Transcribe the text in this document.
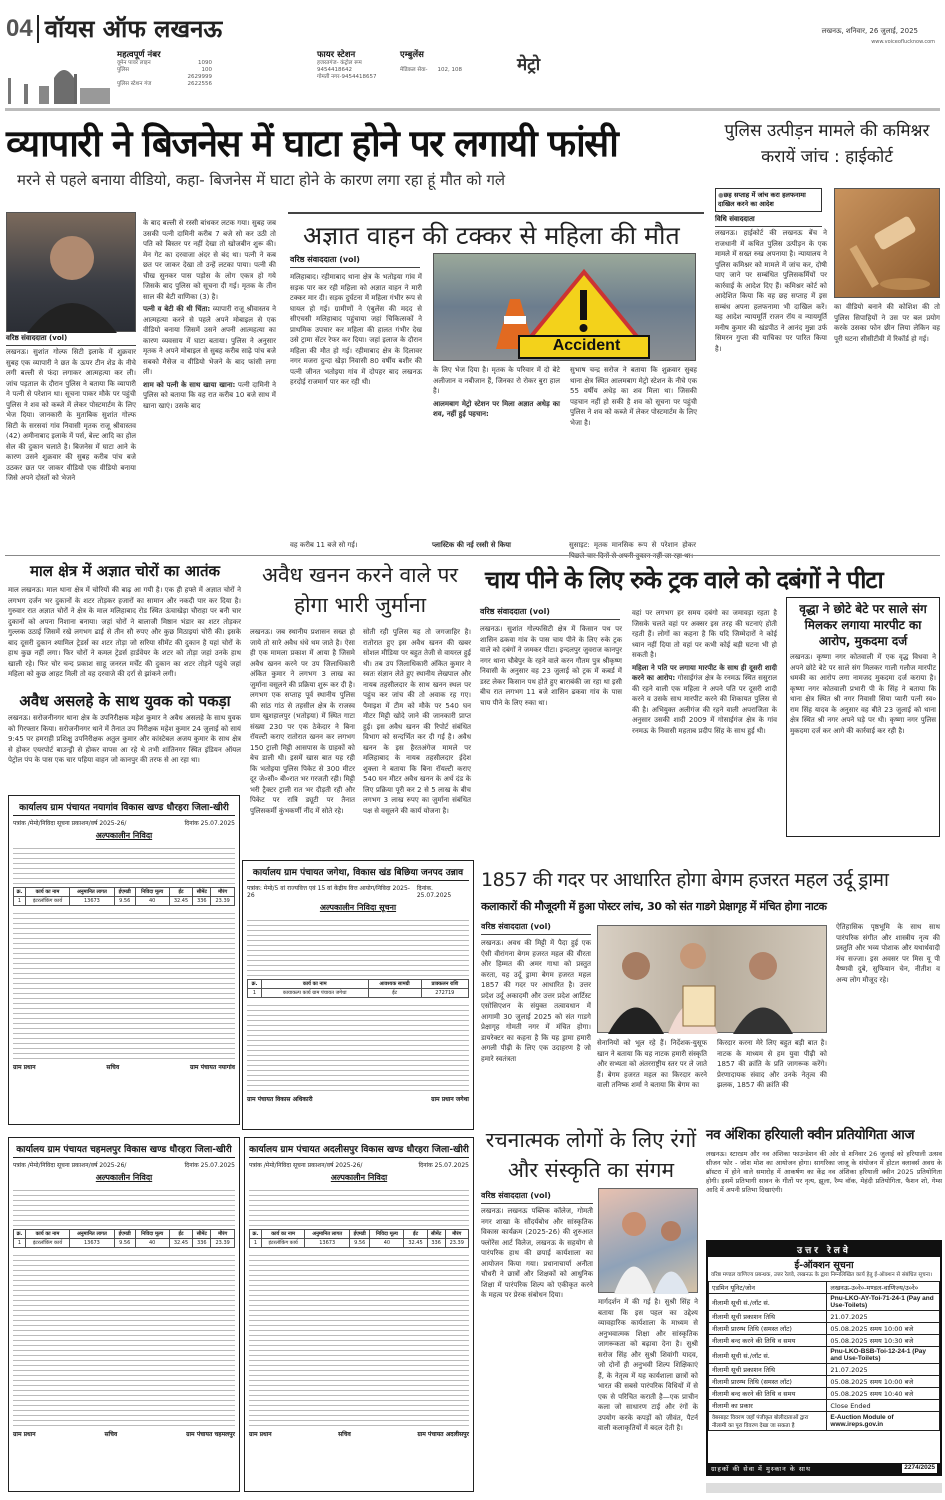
04 वॉयस ऑफ लखनऊ
महत्वपूर्ण नंबर
वूमेन पावर लाइन	1090
पुलिस	100
2629999
पुलिस स्टेशन गंज	2622556
फायर स्टेशन
हजरतगंज- कंट्रोल रूम
9454418642
गोमती नगर-9454418657
एम्बुलेंस
मेडिकल सेवा- 102, 108	मेट्रो
लखनऊ, शनिवार, 26 जुलाई, 2025
www.voiceoflucknow.com
व्यापारी ने बिजनेस में घाटा होने पर लगायी फांसी
मरने से पहले बनाया वीडियो, कहा- बिजनेस में घाटा होने के कारण लगा रहा हूं मौत को गले
वरिष्ठ संवाददाता (vol)

लखनऊ। सुशांत गोल्फ सिटी इलाके में शुक्रवार सुबह एक व्यापारी ने छत के ऊपर टीन शेड के नीचे लगी बल्ली से फंदा लगाकर आत्महत्या कर ली। जांच पड़ताल के दौरान पुलिस ने बताया कि व्यापारी ने पत्नी से परेशान था। सूचना पाकर मौके पर पहुंची पुलिस ने शव को कब्जे में लेकर पोस्टमार्टम के लिए भेज दिया। जानकारी के मुताबिक सुशांत गोल्फ सिटी के सरसवां गांव निवासी मृतक राजू श्रीवास्तव (42) अमीनाबाद इलाके में पर्स, बेल्ट आदि का होल सेल की दुकान चलाते है। बिजनेस में घाटा आने के कारण उसने शुक्रवार की सुबह करीब पांच बजे उठकर छत पर जाकर वीडियो एक वीडियो बनाया जिसे अपने दोस्तों को भेजने

के बाद बल्ली से रस्सी बांधकर लटक गया। सुबह जब उसकी पत्नी दामिनी करीब 7 बजे सो कर उठी तो पति को बिस्तर पर नहीं देखा तो खोजबीन शुरू की। मेन गेट का दरवाजा अंदर से बंद था। पत्नी ने कब छत पर जाकर देखा तो उन्हें लटका पाया। पत्नी की चीख सुनकर पास पड़ोस के लोग एकत्र हो गये जिसके बाद पुलिस को सूचना दी गई। मृतक के तीन साल की बेटी वाणिका (3) है।

पत्नी व बेटी की थी चिंता: व्यापारी राजू श्रीवास्तव ने आत्महत्या करने से पहले अपने मोबाइल से एक वीडियो बनाया जिसमें उसने अपनी आत्महत्या का कारण व्यवसाय में घाटा बताया। पुलिस ने अनुसार मृतक ने अपने मोबाइल से सुबह करीब साढ़े पांच बजे सबको मैसेज व वीडियो भेजने के बाद फांसी लगा ली।

शाम को पत्नी के साथ खाया खाना: पत्नी दामिनी ने पुलिस को बताया कि वह रात करीब 10 बजे साथ में खाना खाएं। उसके बाद

अज्ञात वाहन की टक्कर से महिला की मौत
वरिष्ठ संवाददाता (vol)

मलिहाबाद। रहीमाबाद थाना क्षेत्र के भतोइया गांव में सड़क पार कर रही महिला को अज्ञात वाहन ने मारी टक्कर मार दी। सड़क दुर्घटना में महिला गंभीर रूप से घायल हो गई। ग्रामीणों ने एंबुलेंस की मदद से सीएचसी मलिहाबाद पहुंचाया जहां चिकित्सकों ने प्राथमिक उपचार कर महिला की हालत गंभीर देख उसे ट्रामा सेंटर रेफर कर दिया। जहां इलाज के दौरान महिला की मौत हो गई। रहीमाबाद क्षेत्र के दिलावर नगर मजरा दुन्दा खेड़ा निवासी 80 वर्षीय बशीर की पत्नी जीनत भतोइया गांव में दोपहर बाद लखनऊ हरदोई राजमार्ग पार कर रही थी।

Accident

के लिए भेज दिया है। मृतक के परिवार में दो बेटे अलीजान व नबीजान हैं, जिनका रो रोकर बुरा हाल है।

आलमबाग मेट्रो स्टेशन पर मिला अज्ञात अधेड़ का शव, नहीं हुई पहचान:

सुभाष चन्द्र सरोज ने बताया कि शुक्रवार सुबह थाना क्षेत्र स्थित आलमबाग मेट्रो स्टेशन के नीचे एक 55 वर्षीय अधेड़ का शव मिला था। जिसकी पहचान नहीं हो सकी है शव को सूचना पर पहुंची पुलिस ने शव को कब्जे में लेकर पोस्टमार्टम के लिए भेजा है।

वह करीब 11 बजे सो गई।	प्लास्टिक की नई रस्सी से किया	सुसाइट: मृतक मानसिक रूप से परेशान होकर
पुलिस उत्पीड़न मामले की कमिश्नर करायें जांच : हाईकोर्ट
●छह सप्ताह में जांच करा हलफनामा दाखिल करने का आदेश
विधि संवाददाता

लखनऊ। हाईकोर्ट की लखनऊ बेंच ने राजधानी में कथित पुलिस उत्पीड़न के एक मामले में सख्त रुख अपनाया है। न्यायालय ने पुलिस कमिश्नर को मामले में जांच कर, दोषी पाए जाने पर सम्बंधित पुलिसकर्मियों पर कार्रवाई के आदेश दिए हैं। कमिश्नर कोर्ट को आदेशित किया कि वह छह सप्ताह में इस सम्बंध अपना हलफनामा भी दाखिल करें। यह आदेश न्यायमूर्ति राजन रॉय व न्यायमूर्ति मनीष कुमार की खंडपीठ ने आनंद मुन्ना उर्फ सिमरन गुप्ता की याचिका पर पारित किया है।

का वीडियो बनाने की कोशिश की तो पुलिस सिपाहियों ने उस पर बल प्रयोग करके उसका फोन छीन लिया लेकिन वह पूरी घटना सीसीटीवी में रिकॉर्ड हो गई।

माल क्षेत्र में अज्ञात चोरों का आतंक

माल लखनऊ। माल थाना क्षेत्र में चोरियों की बाढ़ आ गयी है। एक ही हफ्ते में अज्ञात चोरों ने लगभग दर्जन भर दुकानों के शटर तोड़कर हजारों का सामान और नकदी पार कर दिया है। गुरुवार रात अज्ञात चोरों ने क्षेत्र के माल मलिहाबाद रोड स्थित ऊंचाखेड़ा चौराहा पर बनी चार दुकानों को अपना निशाना बनाया। जहां चोरों ने बालाजी मिष्ठान भंडार का शटर तोड़कर गुल्लक उठाई जिसमें रखे लगभग ढाई से तीन सौ रुपए और कुछ मिठाइयां चोरी की। इसके बाद दूसरी दुकान श्यामिल ट्रेडर्स का शटर तोड़ा जो सरिया सीमेंट की दुकान है यहां चोरों के हाथ कुछ नहीं लगा। फिर चोरों ने कमल ट्रेडर्स हार्डवेयर के शटर को तोड़ा जहां उनके हाथ खाली रहे। फिर चोर चन्द प्रकाश साहू जनरल मर्चेंट की दुकान का शटर तोड़ने पहुंचे जहां महिला को कुछ आहट मिली तो वह दरवाजे की दर्रा से झांकने लगी।

अवैध असलहे के साथ युवक को पकड़ा

लखनऊ। सरोजनीनगर थाना क्षेत्र के उपनिरीक्षक महेश कुमार ने अवैध असलहे के साथ युवक को गिरफ्तार किया। सरोजनीनगर थाने में तैनात उप निरीक्षक महेश कुमार 24 जुलाई को सायं 9:45 पर हमराही प्रशिक्षु उपनिरीक्षक अतुल कुमार और कांस्टेबल अजय कुमार के साथ क्षेत्र से होकर एयरपोर्ट बाउन्ड्री से होकर वापस आ रहे थे तभी शांतिनगर स्थित इंडियन ऑयल पेट्रोल पंप के पास एक चार पहिया वाहन जो कानपुर की तरफ से आ रहा था।

अवैध खनन करने वाले पर होगा भारी जुर्माना

लखनऊ। जब स्थानीय प्रशासन सख्त हो जाये तो सारे अवैध धंधे थम जाते है। ऐसा ही एक मामला प्रकाश में आया है जिसमे अवैध खनन करने पर उप जिलाधिकारी अंकित कुमार ने लगभग 3 लाख का जुर्माना वसूलने की प्रक्रिया शुरू कर दी है। लगभग एक सप्ताह पूर्व स्थानीय पुलिस की सांठ गांठ से तहसील क्षेत्र के राजस्व ग्राम खुशहालपुर (भतोइया) में स्थित गाटा संख्या 230 पर एक ठेकेदार ने बिना रॉयल्टी कराए रातोरात खनन कर लगभग 150 ट्राली मिट्टी आसपास के ग्राहकों को बेच डाली थी। इसमें खास बात यह रही कि भतोइया पुलिस पिकेट से 300 मीटर दूर जे०सी० बी०रात भर गरजती रही। मिट्टी भरी ट्रैक्टर ट्राली रात भर दौड़ती रही और पिकेट पर रात्रि ड्यूटी पर तैनात पुलिसकर्मी कुंभकर्णी नींद में सोते रहे।

सोती रही पुलिस यह तो जगजाहिर है। रातोरात हुए इस अवैध खनन की खबर सोशल मीडिया पर बहुत तेजी से वायरल हुई थी। तब उप जिलाधिकारी अंकित कुमार ने स्वतः संज्ञान लेते हुए स्थानीय लेखपाल और नायब तहसीलदार के साथ खनन स्थल पर पहुंच कर जांच की तो अवाक रह गए। पैमाइश में टीम को मौके पर 540 घन मीटर मिट्टी खोदे जाने की जानकारी प्राप्त हुई। इस अवैध खनन की रिपोर्ट संबंधित विभाग को सन्दर्भित कर दी गई है। अवैध खनन के इस हैरतअंगेज मामले पर मलिहाबाद के नायब तहसीलदार ईदेश शुक्ला ने बताया कि बिना रॉयल्टी कराए 540 घन मीटर अवैध खनन के अर्थ दंड के लिए प्रक्रिया पूरी कर 2 से 5 लाख के बीच लगभग 3 लाख रुपए का जुर्माना संबंधित पक्ष से वसूलने की कार्य योजना है।

चाय पीने के लिए रुके ट्रक वाले को दबंगों ने पीटा
वरिष्ठ संवाददाता (vol)

लखनऊ। सुशांत गोल्फसिटी क्षेत्र में किसान पथ पर शासिन ढकवा गांव के पास चाय पीने के लिए रुके ट्रक वाले को दबंगों ने जमकर पीटा। इन्दलपुर जुवराज कानपुर नगर थाना चौबेपुर के रहने वाले करन गौतम पुत्र श्रीकृष्ण निवासी के अनुसार वह 23 जुलाई को ट्रक में कबर्ड में डस्ट लेकर किसान पथ होते हुए बाराबंकी जा रहा था इसी बीच रात लगभग 11 बजे शासिन ढकवा गांव के पास चाय पीने के लिए रुका था।

वहां पर लगभग हर समय दबंगो का जमावड़ा रहता है जिसके चलते वहां पर अक्सर इस तरह की घटनाएं होती रहती हैं। लोगों का कहना है कि यदि जिम्मेदारों ने कोई ध्यान नहीं दिया तो वहां पर कभी कोई बड़ी घटना भी हो सकती है।

महिला ने पति पर लगाया मारपीट के साथ ही दूसरी शादी करने का आरोप: गोसाईगंज क्षेत्र के रनमऊ स्थित ससुराल की रहने वाली एक महिला ने अपने पति पर दूसरी शादी करने व उसके साथ मारपीट करने की शिकायत पुलिस से की है। अभियुक्त अलीगंज की रहने वाली अपराजिता के अनुसार उसकी शादी 2009 में गोसाईगंज क्षेत्र के गांव रनमऊ के निवासी महताब प्रदीप सिंह के साथ हुई थी।

वृद्धा ने छोटे बेटे पर साले संग मिलकर लगाया मारपीट का आरोप, मुकदमा दर्ज

लखनऊ। कृष्णा नगर कोतवाली में एक वृद्ध विधवा ने अपने छोटे बेटे पर साले संग मिलकर गाली गलौज मारपीट धमकी का आरोप लगा नामजद मुकदमा दर्ज कराया है। कृष्णा नगर कोतवाली प्रभारी पी के सिंह ने बताया कि थाना क्षेत्र स्थित श्री नगर निवासी सिया प्यारी पत्नी स्व० राम सिंह यादव के अनुसार वह बीते 23 जुलाई को थाना क्षेत्र स्थित श्री नगर अपने घड़े पर थी। कृष्णा नगर पुलिस मुकदमा दर्ज कर आगे की कार्रवाई कर रही है।

कार्यालय ग्राम पंचायत नयागांव विकास खण्ड धौरहरा जिला-खीरी
पत्रांक /मेमो/निविदा सूचना प्रकाशन/वर्ष 2025-26/	दिनांक 25.07.2025
अल्पकालीन निविदा
क्र.	कार्य का नाम	अनुमानित लागत	ईएमडी	निविदा मूल्य	ईंट	सीमेंट	मौरंग
1	इंटरलॉकिंग कार्य	13673	9.56	40	32.45	336	23.39
ग्राम प्रधान	सचिव	ग्राम पंचायत नयागांव
कार्यालय ग्राम पंचायत जगेथा, विकास खंड बिछिया जनपद उन्नाव
पत्रांक: मेमो/5 वां राज्यवित्त एवं 15 वां केंद्रीय वित्त आयोग/निविदा 2025-26
दिनांक. 25.07.2025
अल्पकालीन निविदा सूचना
क्र.	कार्य का नाम	आवश्यक सामग्री	प्राक्कलन राशि
1	कायाकल्प कार्य ग्राम पंचायत जगेथा	ईंट	272719
ग्राम पंचायत विकास अधिकारी	ग्राम प्रधान जगेथा
कार्यालय ग्राम पंचायत चहमलपुर विकास खण्ड धौरहरा जिला-खीरी
पत्रांक /मेमो/निविदा सूचना प्रकाशन/वर्ष 2025-26/	दिनांक 25.07.2025
अल्पकालीन निविदा
क्र.	कार्य का नाम	अनुमानित लागत	ईएमडी	निविदा मूल्य	ईंट	सीमेंट	मौरंग
1	इंटरलॉकिंग कार्य	13673	9.56	40	32.45	336	23.39
ग्राम प्रधान	सचिव	ग्राम पंचायत चहमलपुर
कार्यालय ग्राम पंचायत अदलीसपुर विकास खण्ड धौरहरा जिला-खीरी
पत्रांक /मेमो/निविदा सूचना प्रकाशन/वर्ष 2025-26/	दिनांक 25.07.2025
अल्पकालीन निविदा
क्र.	कार्य का नाम	अनुमानित लागत	ईएमडी	निविदा मूल्य	ईंट	सीमेंट	मौरंग
1	इंटरलॉकिंग कार्य	13673	9.56	40	32.45	336	23.39
ग्राम प्रधान	सचिव	ग्राम पंचायत अदलीसपुर
1857 की गदर पर आधारित होगा बेगम हजरत महल उर्दू ड्रामा
कलाकारों की मौजूदगी में हुआ पोस्टर लांच, 30 को संत गाडगे प्रेक्षागृह में मंचित होगा नाटक
वरिष्ठ संवाददाता (vol)

लखनऊ। अवध की मिट्टी में पैदा हुई एक ऐसी वीरांगना बेगम हजरत महल की वीरता और हिम्मत की अमर गाथा को प्रस्तुत करता, यह उर्दू ड्रामा बेगम हजरत महल 1857 की गदर पर आधारित है। उत्तर प्रदेश उर्दू अकादमी और उत्तर प्रदेश आर्टिस्ट एसोसिएशन के संयुक्त तत्वावधान में आगामी 30 जुलाई 2025 को संत गाडगे प्रेक्षागृह गोमती नगर में मंचित होगा। डायरेक्टर का कहना है कि यह ड्रामा हमारी अगली पीढ़ी के लिए एक उदाहरण है जो हमारे स्वतंत्रता

सेनानियों को भूल रहे हैं। निर्देशक-युसूफ खान ने बताया कि यह नाटक हमारी संस्कृति और सभ्यता को अंतरराष्ट्रीय स्तर पर ले जाते हैं। बेगम हजरत महल का किरदार करने वाली तनिष्क शर्मा ने बताया कि बेगम का

किरदार करना मेरे लिए बहुत बड़ी बात है। नाटक के माध्यम से हम युवा पीढ़ी को 1857 की क्रांति के प्रति जागरूक करेंगे। प्रेरणादायक संवाद और उनके नेतृत्व की झलक, 1857 की क्रांति की

ऐतिहासिक पृष्ठभूमि के साथ साथ पारंपरिक संगीत और शास्त्रीय नृत्य की प्रस्तुति और भव्य पोशाक और यथार्थवादी मंच सज्जा। इस अवसर पर मिस यू पी वैष्णवी दुबे, सुफियान चेन, नीतीश व अन्य लोग मौजूद रहे।

रचनात्मक लोगों के लिए रंगों और संस्कृति का संगम
वरिष्ठ संवाददाता (vol)

लखनऊ। लखनऊ पब्लिक कॉलेज, गोमती नगर शाखा के सौंदर्यबोध और सांस्कृतिक विकास कार्यक्रम (2025-26) की शुरुआत फ्लोरेंस आर्ट विलेज, लखनऊ के सहयोग से पारंपरिक हाथ की छपाई कार्यशाला का आयोजन किया गया। प्रधानाचार्या अनीता चौधरी ने छात्रों और शिक्षकों को आधुनिक शिक्षा में पारंपरिक शिल्प को एकीकृत करने के महत्व पर प्रेरक संबोधन दिया।

मार्गदर्शन में की गई है। सुश्री सिंह ने बताया कि इस पहल का उद्देश्य व्यावहारिक कार्यशाला के माध्यम से अनुभवात्मक शिक्षा और सांस्कृतिक जागरूकता को बढ़ावा देना है। सुश्री सरोज सिंह और सुश्री शिवांगी यादव, जो दोनों ही अनुभवी शिल्प शिक्षिकाएं हैं, के नेतृत्व में यह कार्यशाला छात्रों को भारत की सबसे पारंपरिक विधियों में से एक से परिचित कराती है—एक प्राचीन कला जो साधारण टाई और रंगों के उपयोग करके कपड़ों को जीवंत, पैटर्न वाली कलाकृतियों में बदल देती है।

नव अंशिका हरियाली क्वीन प्रतियोगिता आज

लखनऊ। स्टारडम और नव अंशिका फाउन्डेशन की ओर से शनिवार 26 जुलाई को हरियाली उत्सव सीजन फोर - जोश मोश का आयोजन होगा। सागरिका जाजू के संयोजन में होटल क्लार्क्स अवध के ब्रॉस्टरा में होने वाले समारोह में आकर्षण का केंद्र नव अंशिका हरियाली क्वीन 2025 प्रतियोगिता होगी। इसमें प्रतिभागी सावन के गीतों पर नृत्य, झूला, रैम्प वॉक, मेहंदी प्रतियोगिता, फैशन शो, गेम्स आदि में अपनी प्रतिभा दिखाएंगी।

उत्तर रेलवे
ई-ऑक्शन सूचना
वरिष्ठ मण्डल वाणिज्य प्रबन्धक, उत्तर रेलवे, लखनऊ के द्वारा निम्नलिखित कार्य हेतु ई-ऑक्शन से संबंधित सूचना।
एडमिन यूनिट/जोन	लखनऊ-उ०रे०-मण्डल-वाणिज्य/उ०रे०
नीलामी सूची सं./लॉट सं.	Pnu-LKO-AY-Toi-71-24-1 (Pay and Use-Toilets)
नीलामी सूची प्रकाशन तिथि	21.07.2025
नीलामी प्रारम्भ तिथि (समस्त लॉट)	05.08.2025 समय 10:00 बजे
नीलामी बन्द करने की तिथि व समय	05.08.2025 समय 10:30 बजे
नीलामी सूची सं./लॉट सं.	Pnu-LKO-BSB-Toi-12-24-1 (Pay and Use-Toilets)
नीलामी सूची प्रकाशन तिथि	21.07.2025
नीलामी प्रारम्भ तिथि (समस्त लॉट)	05.08.2025 समय 10:00 बजे
नीलामी बन्द करने की तिथि व समय	05.08.2025 समय 10:40 बजे
नीलामी का प्रकार	Close Ended
वेबसाइट विवरण जहाँ पंजीकृत बोलीदाताओं द्वारा नीलामी का पूरा विवरण देखा जा सकता है	E-Auction Module of www.ireps.gov.in
ग्राहकों की सेवा में मुस्कान के साथ	2274/2025
